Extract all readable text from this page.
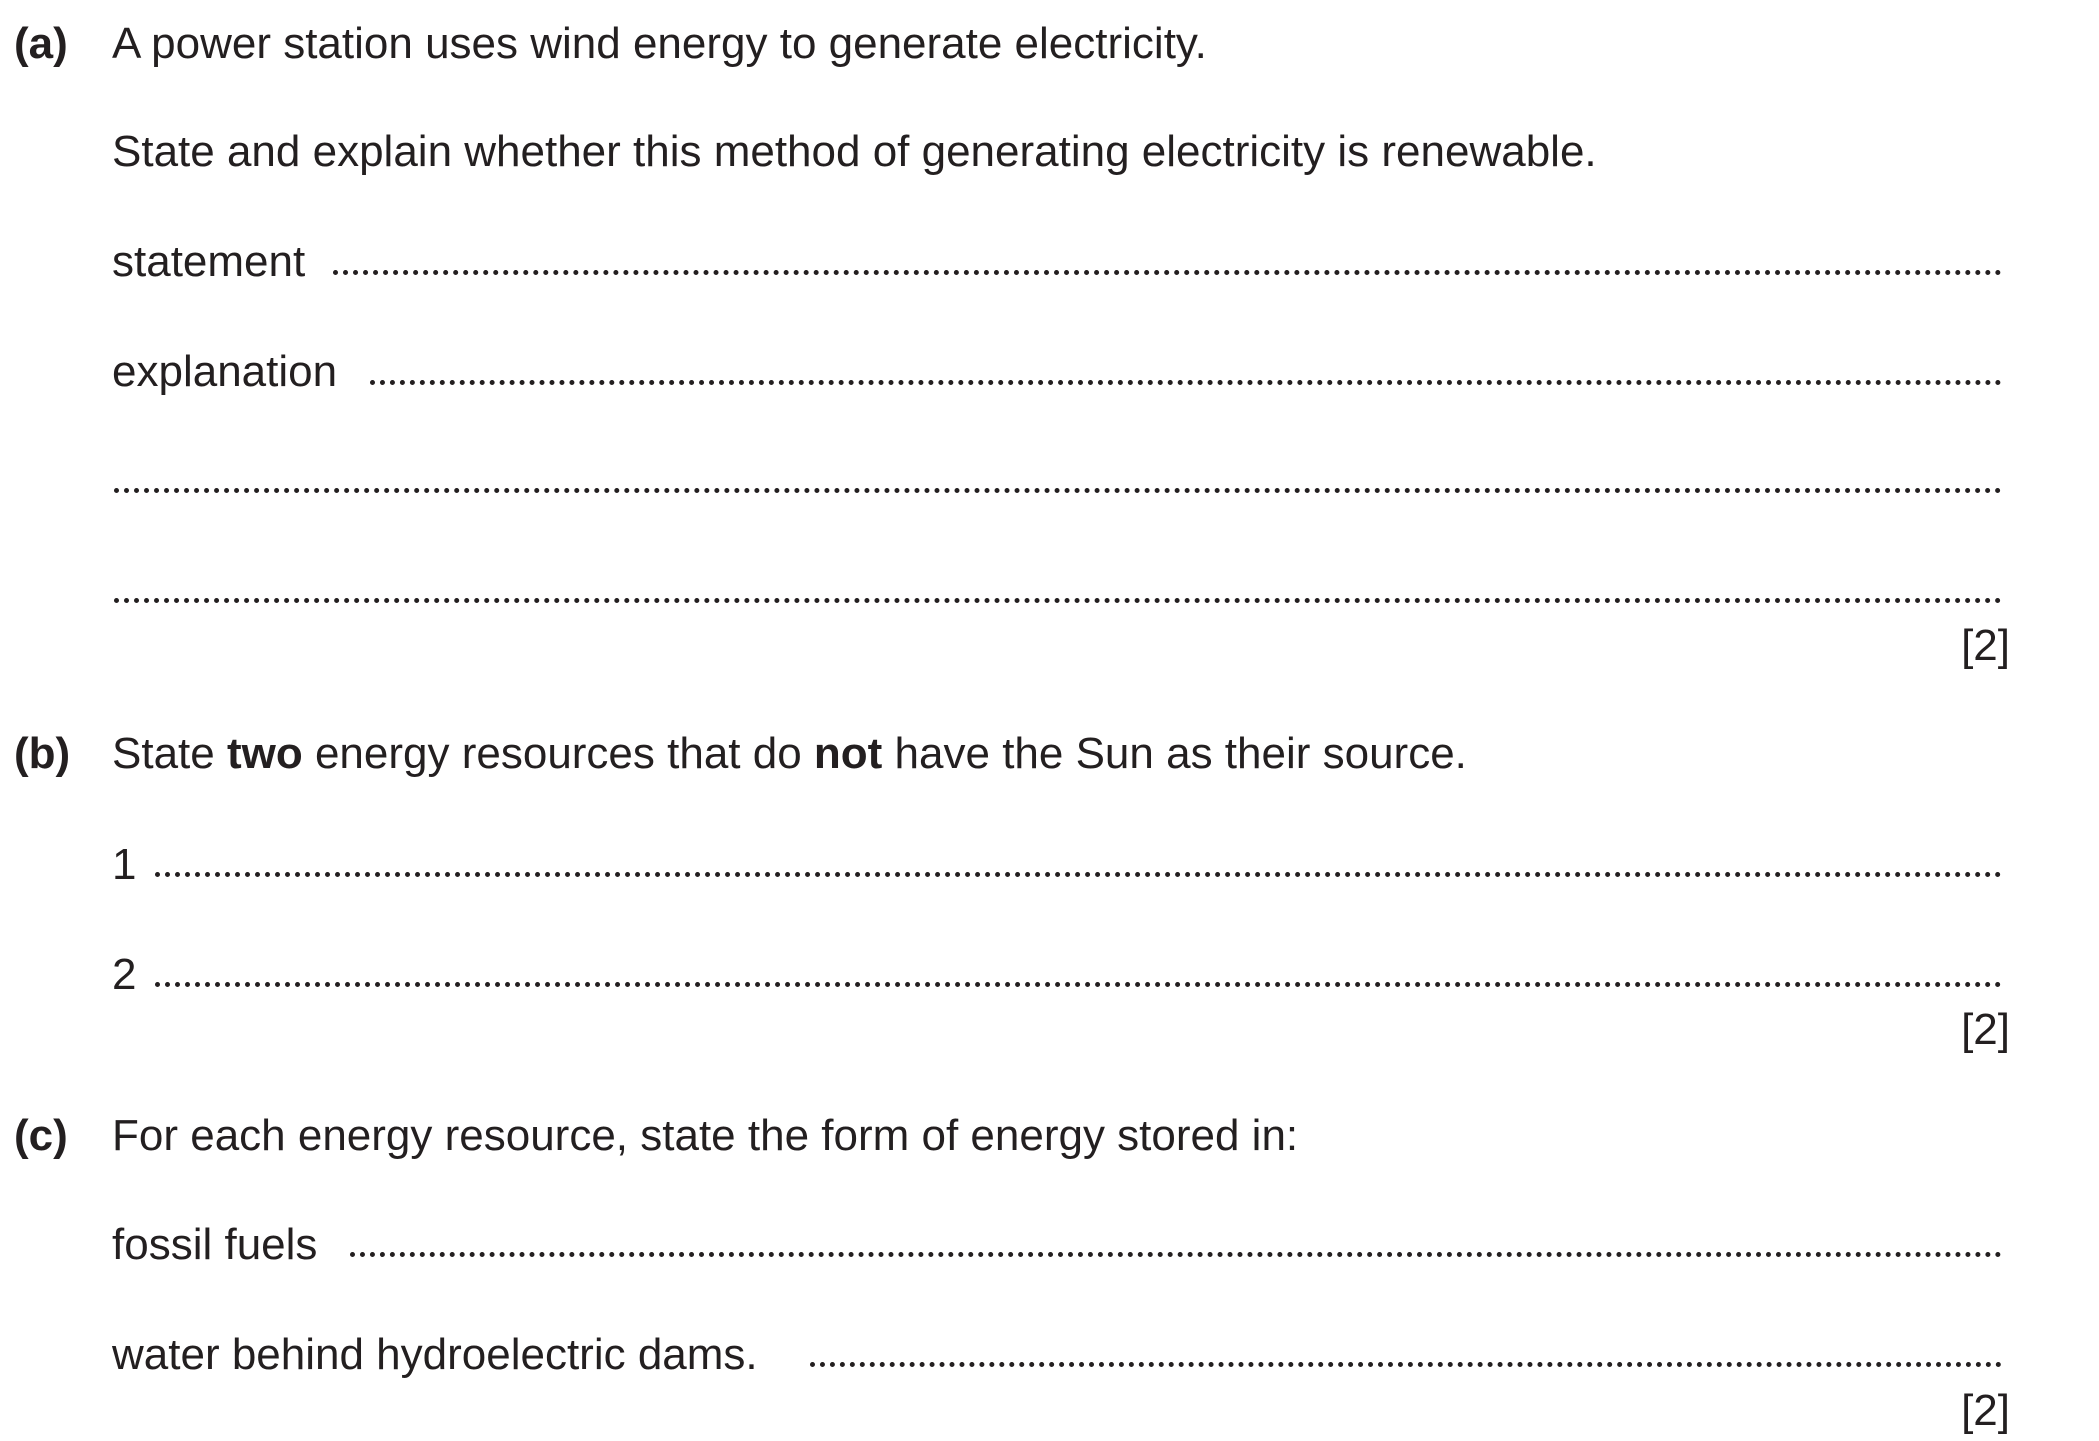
(a) A power station uses wind energy to generate electricity.
State and explain whether this method of generating electricity is renewable.
statement
explanation
[2]
(b) State two energy resources that do not have the Sun as their source.
1
2
[2]
(c) For each energy resource, state the form of energy stored in:
fossil fuels
water behind hydroelectric dams.
[2]
